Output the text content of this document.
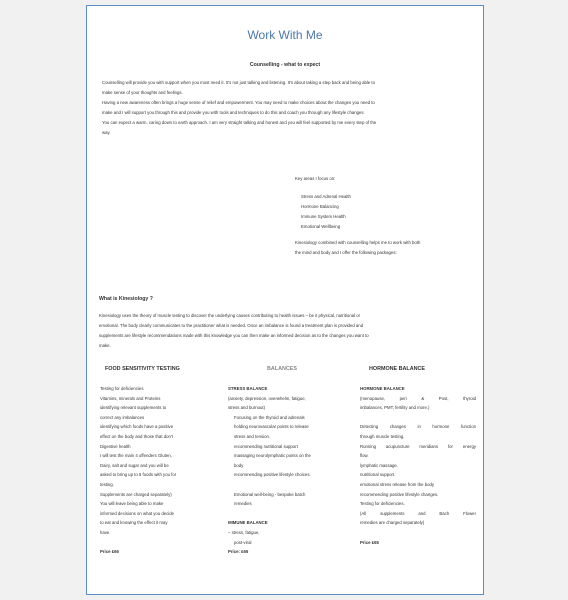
Work With Me
Counselling - what to expect

Counselling will provide you with support when you most need it. It's not just talking and listening. It's about taking a step back and being able to

make sense of your thoughts and feelings.

Having a new awareness often brings a huge sense of relief and empowerment. You may need to make choices about the changes you need to

make and I will support you through this and provide you with tools and techniques to do this and coach you through any lifestyle changes.

You can expect a warm, caring down to earth approach. I am very straight talking and honest and you will feel supported by me every step of the

way.

Key areas I focus on:
Stress and Adrenal Health
Hormone Balancing
Immune System Health
Emotional Wellbeing
Kinesiology combined with counselling helps me to work with both
the mind and body and I offer the following packages:
What is Kinesiology ?
Kinesiology uses the theory of muscle testing to discover the underlying causes contributing to health issues – be it physical, nutritional or
emotional. The body clearly communicates to the practitioner what is needed. Once an imbalance is found a treatment plan is provided and
supplements are lifestyle recommendations made with this knowledge you can then make an informed decision as to the changes you want to
make.
FOOD SENSITIVITY TESTING	BALANCES	HORMONE BALANCE
Testing for deficiencies
Vitamins, minerals and Proteins
identifying relevant supplements to
correct any imbalances
identifying which foods have a positive
effect on the body and those that don't
Digestive health
I will test the main 4 offenders Gluten,
Dairy, salt and sugar and you will be
asked to bring up to 6 foods with you for
testing.
Supplements are charged separately)
You will leave being able to make
informed decisions on what you decide
to eat and knowing the effect it may
have.
Price £65
STRESS BALANCE
(anxiety, depression, overwhelm, fatigue,
stress and burnout)
Focusing on the thyroid and adrenals
holding neurovascular points to release
stress and tension.
recommending nutritional support
massaging neurolymphatic points on the
body
recommending positive lifestyle choices.
Emotional well-being - bespoke batch
remedies
IMMUNE BALANCE
– stress, fatigue,
post-viral
Price: £65
HORMONE BALANCE
(menopause, peri & Post, thyroid
imbalances, PMT, fertility and more.)
Detecting changes in hormone function
through muscle testing.
Running acupuncture meridians for energy
flow.
lymphatic massage.
nutritional support.
emotional stress release from the body
recommending positive lifestyle changes.
Testing for deficiencies.
(All supplements and Bach Flower
remedies are charged separately)
Price £65
